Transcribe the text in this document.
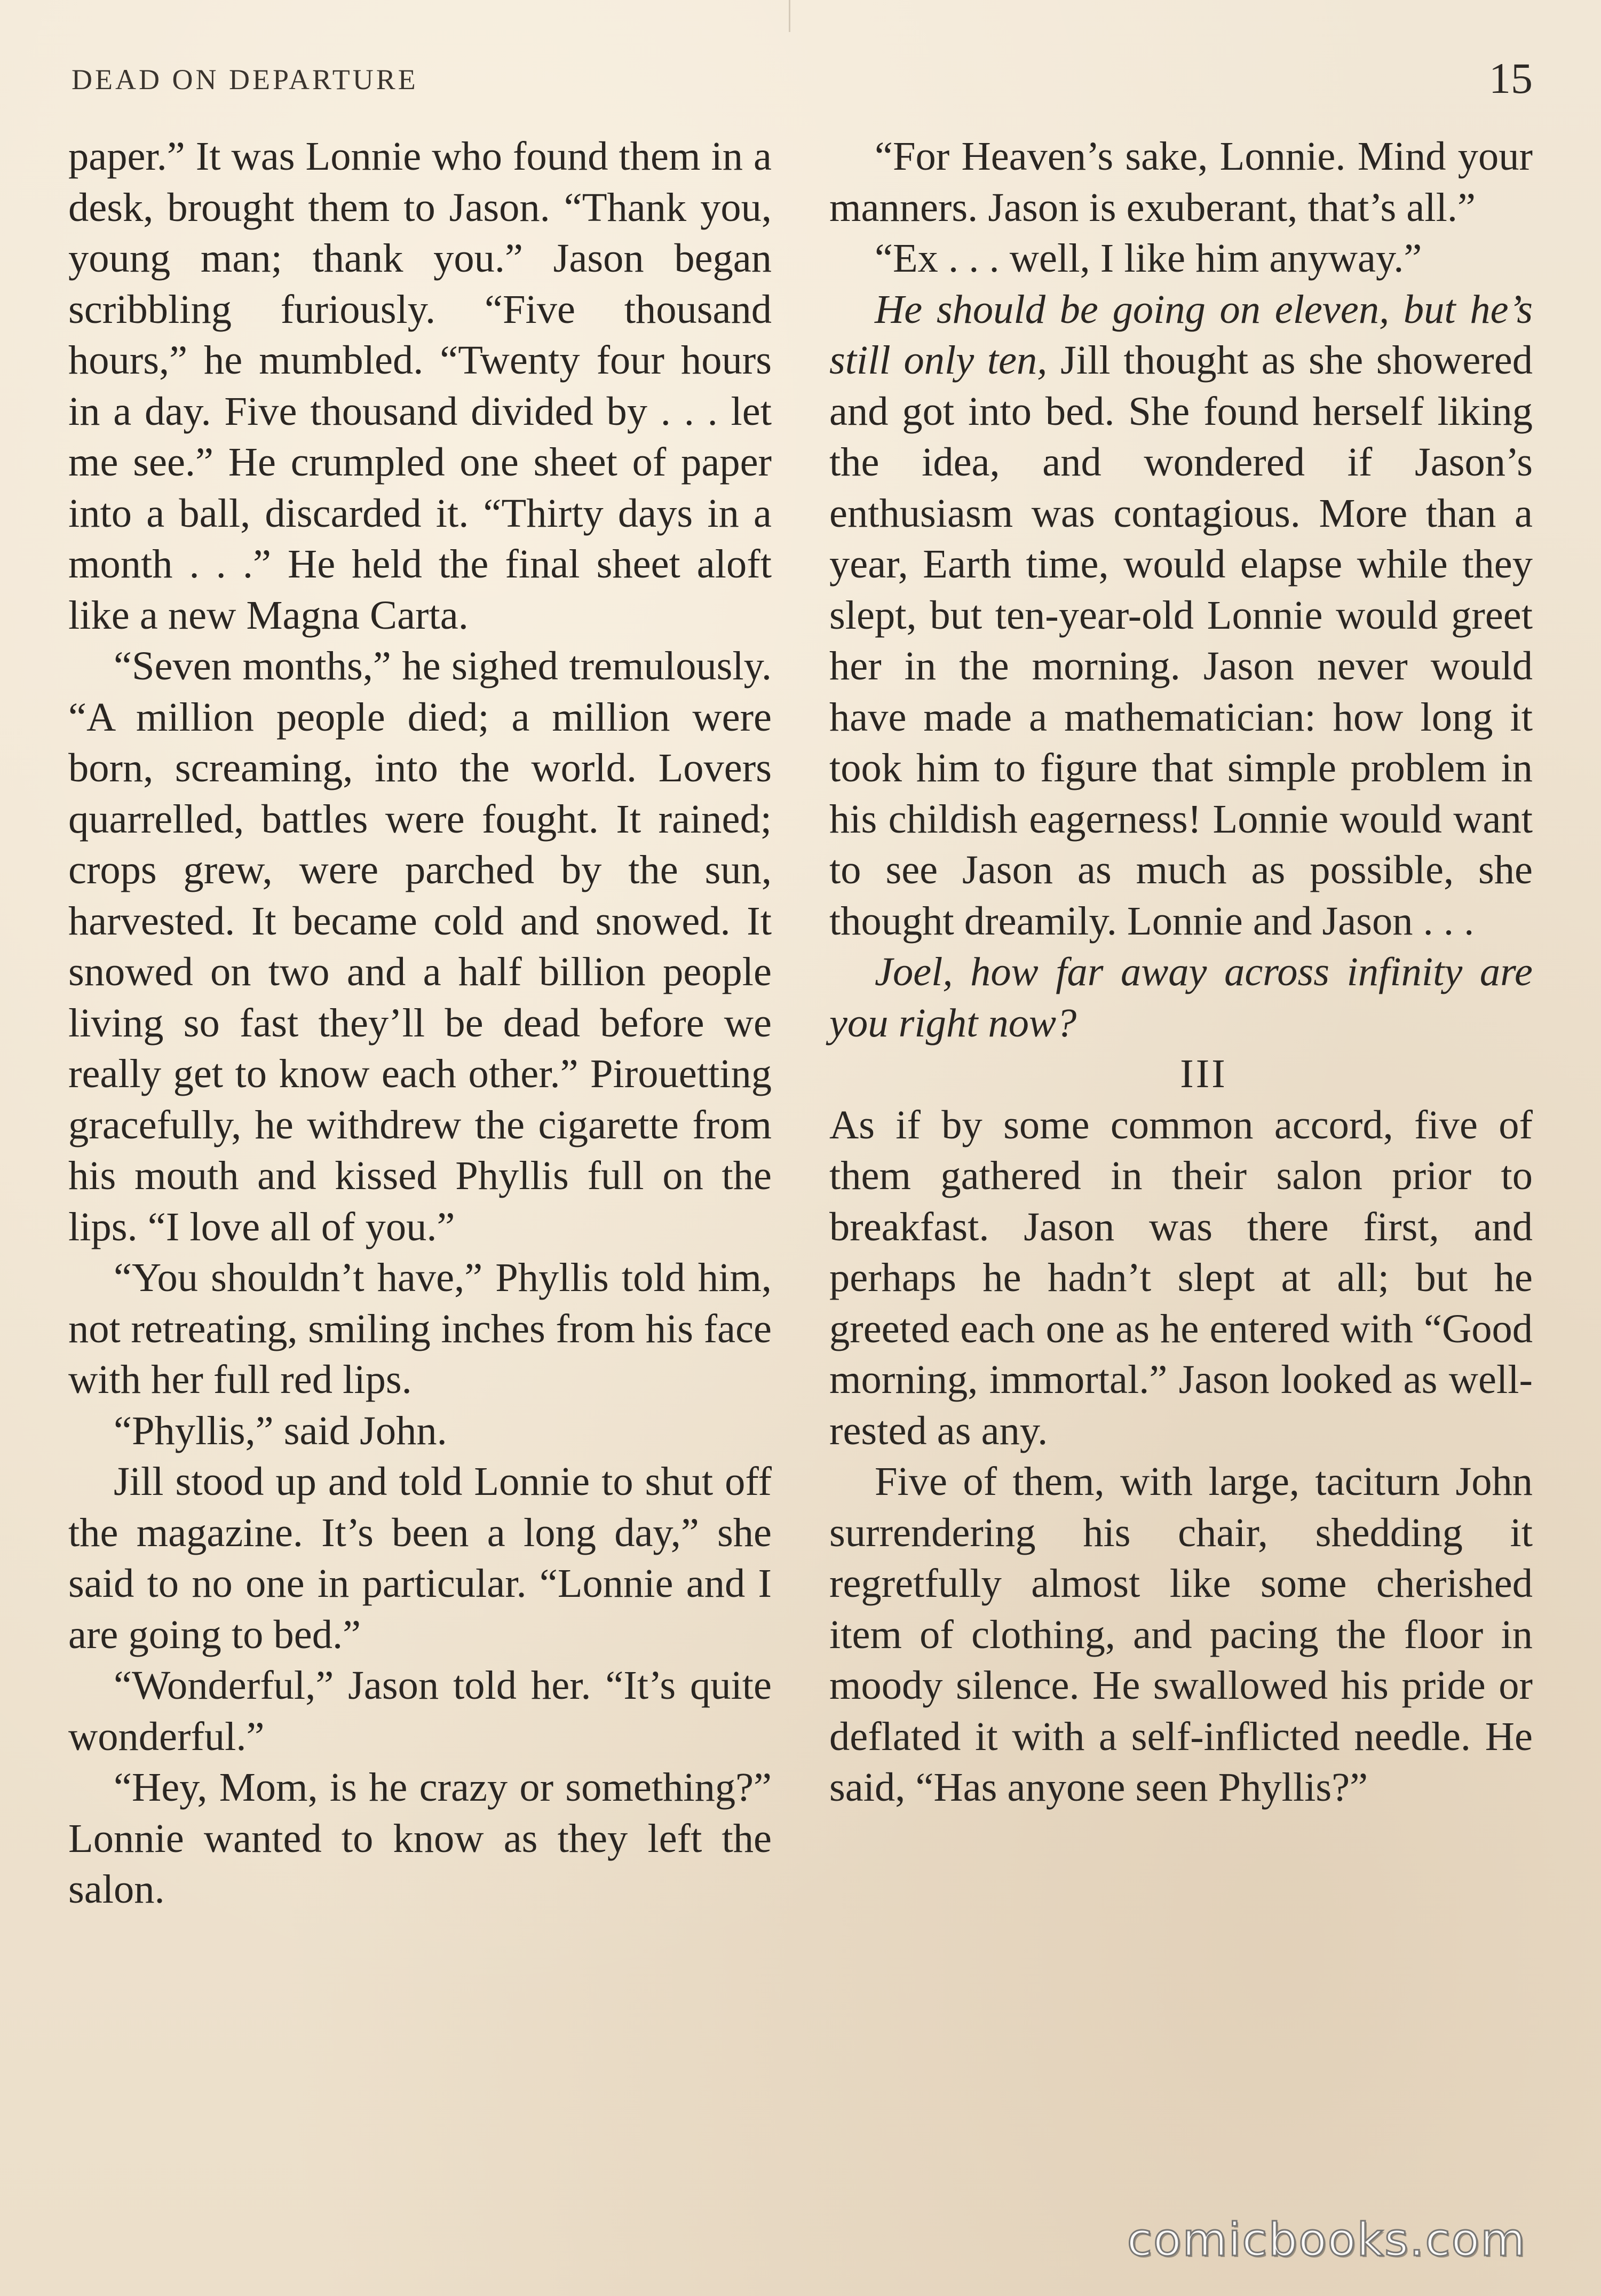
DEAD ON DEPARTURE	15

paper.” It was Lonnie who found them in a desk, brought them to Jason. “Thank you, young man; thank you.” Jason began scribbling furiously. “Five thousand hours,” he mumbled. “Twenty four hours in a day. Five thousand divided by . . . let me see.” He crumpled one sheet of paper into a ball, discarded it. “Thirty days in a month . . .” He held the final sheet aloft like a new Magna Carta.

“Seven months,” he sighed tremulously. “A million people died; a million were born, screaming, into the world. Lovers quarrelled, battles were fought. It rained; crops grew, were parched by the sun, harvested. It became cold and snowed. It snowed on two and a half billion people living so fast they’ll be dead before we really get to know each other.” Pirouetting gracefully, he withdrew the cigarette from his mouth and kissed Phyllis full on the lips. “I love all of you.”

“You shouldn’t have,” Phyllis told him, not retreating, smiling inches from his face with her full red lips.

“Phyllis,” said John.

Jill stood up and told Lonnie to shut off the magazine. It’s been a long day,” she said to no one in particular. “Lonnie and I are going to bed.”

“Wonderful,” Jason told her. “It’s quite wonderful.”

“Hey, Mom, is he crazy or something?” Lonnie wanted to know as they left the salon.

“For Heaven’s sake, Lonnie. Mind your manners. Jason is exuberant, that’s all.”

“Ex . . . well, I like him anyway.”

He should be going on eleven, but he’s still only ten, Jill thought as she showered and got into bed. She found herself liking the idea, and wondered if Jason’s enthusiasm was contagious. More than a year, Earth time, would elapse while they slept, but ten-year-old Lonnie would greet her in the morning. Jason never would have made a mathematician: how long it took him to figure that simple problem in his childish eagerness! Lonnie would want to see Jason as much as possible, she thought dreamily. Lonnie and Jason . . .

Joel, how far away across infinity are you right now?

III

As if by some common accord, five of them gathered in their salon prior to breakfast. Jason was there first, and perhaps he hadn’t slept at all; but he greeted each one as he entered with “Good morning, immortal.” Jason looked as well-rested as any.

Five of them, with large, taciturn John surrendering his chair, shedding it regretfully almost like some cherished item of clothing, and pacing the floor in moody silence. He swallowed his pride or deflated it with a self-inflicted needle. He said, “Has anyone seen Phyllis?”

comicbooks.com
